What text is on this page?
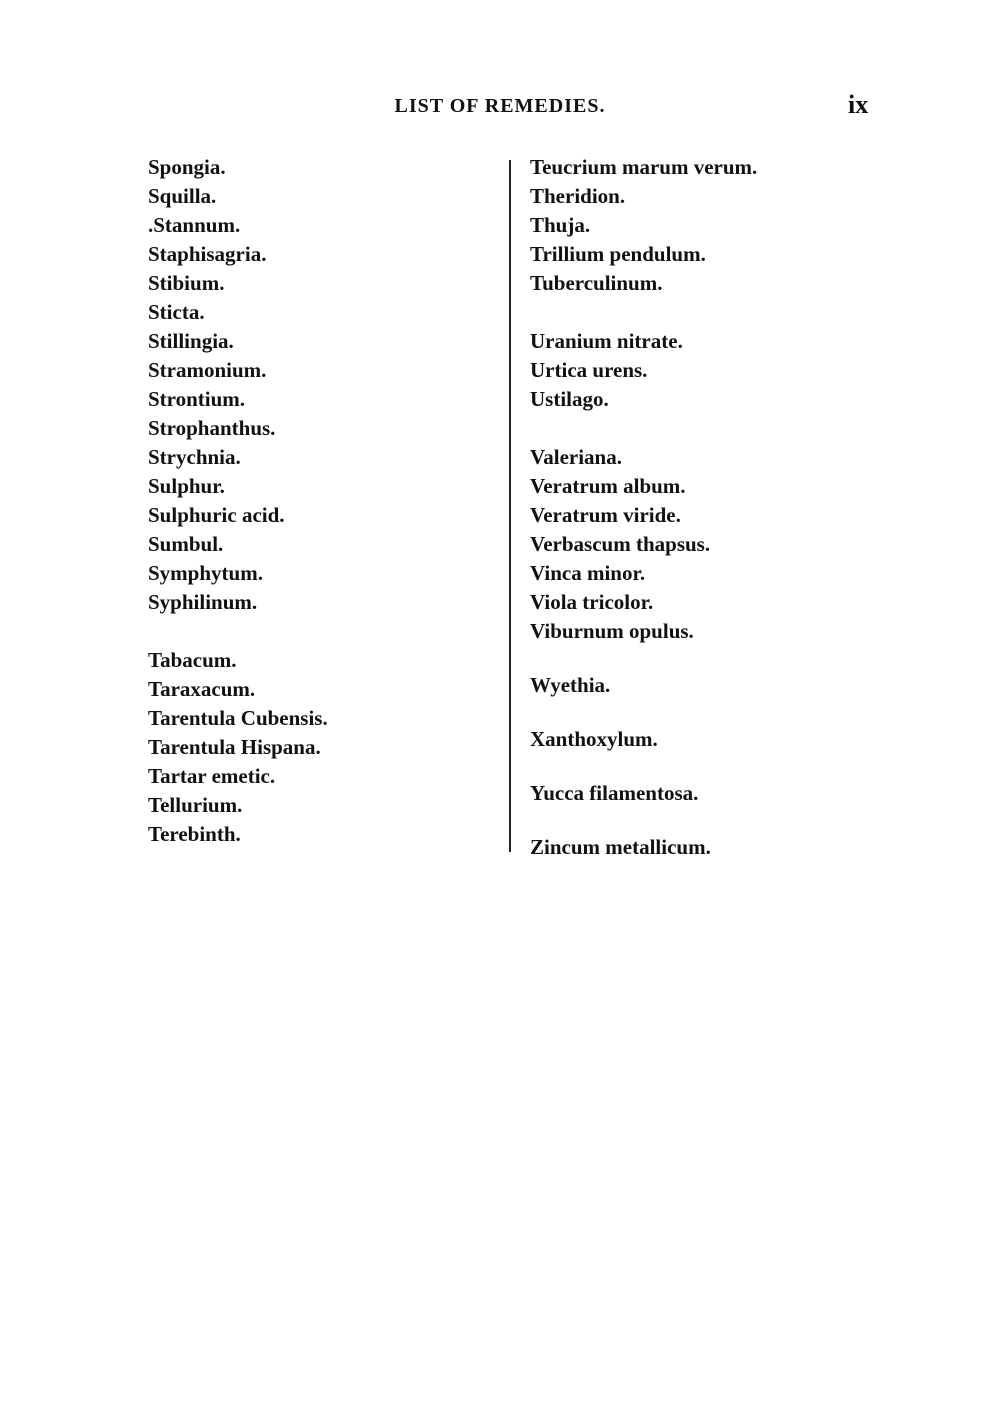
LIST OF REMEDIES.	ix
Spongia.
Squilla.
.Stannum.
Staphisagria.
Stibium.
Sticta.
Stillingia.
Stramonium.
Strontium.
Strophanthus.
Strychnia.
Sulphur.
Sulphuric acid.
Sumbul.
Symphytum.
Syphilinum.
Tabacum.
Taraxacum.
Tarentula Cubensis.
Tarentula Hispana.
Tartar emetic.
Tellurium.
Terebinth.
Teucrium marum verum.
Theridion.
Thuja.
Trillium pendulum.
Tuberculinum.
Uranium nitrate.
Urtica urens.
Ustilago.
Valeriana.
Veratrum album.
Veratrum viride.
Verbascum thapsus.
Vinca minor.
Viola tricolor.
Viburnum opulus.
Wyethia.
Xanthoxylum.
Yucca filamentosa.
Zincum metallicum.
